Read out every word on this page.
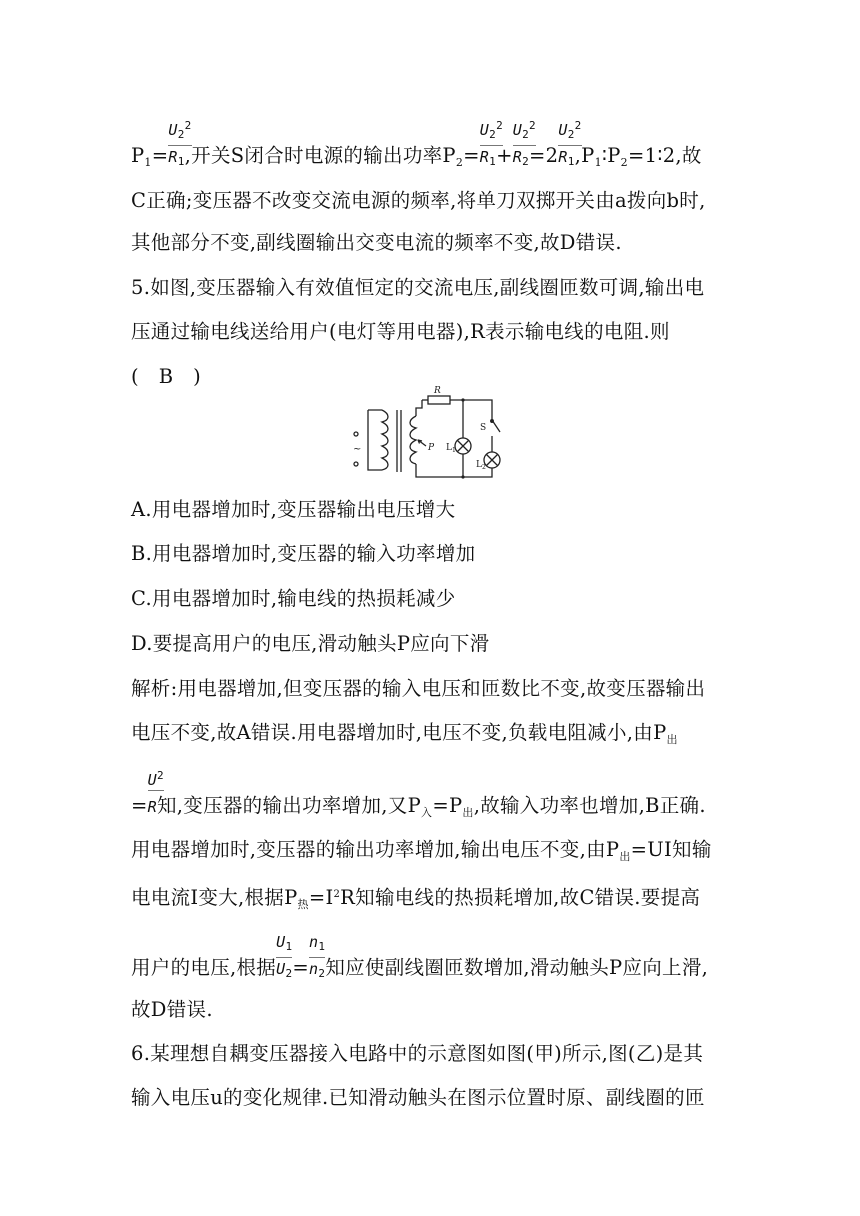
$P_1= \frac{U_2^2}{R_1}$,开关S闭合时电源的输出功率$P_2= \frac{U_2^2}{R_1}+ \frac{U_2^2}{R_2}=2$ $\frac{U_2^2}{R_1},P_1∶P_2=1∶2$,故
C正确;变压器不改变交流电源的频率,将单刀双掷开关由a拨向b时,
其他部分不变,副线圈输出交变电流的频率不变,故D错误.
5.如图,变压器输入有效值恒定的交流电压,副线圈匝数可调,输出电
压通过输电线送给用户(电灯等用电器),R表示输电线的电阻.则
(　B　)
~
R
P
S
$L_1$
$L_2$
A.用电器增加时,变压器输出电压增大
B.用电器增加时,变压器的输入功率增加
C.用电器增加时,输电线的热损耗减少
D.要提高用户的电压,滑动触头P应向下滑
解析:用电器增加,但变压器的输入电压和匝数比不变,故变压器输出
电压不变,故A错误.用电器增加时,电压不变,负载电阻减小,由$P_出$
= $\frac{U^2}{R}$知,变压器的输出功率增加,又$P_入=P_出$,故输入功率也增加,B正确.
用电器增加时,变压器的输出功率增加,输出电压不变,由$P_出=UI$知输
电电流I变大,根据$P_热=I^2R$知输电线的热损耗增加,故C错误.要提高
用户的电压,根据 $\frac{U_1}{U_2}= \frac{n_1}{n_2}$知应使副线圈匝数增加,滑动触头P应向上滑,
故D错误.
6.某理想自耦变压器接入电路中的示意图如图(甲)所示,图(乙)是其
输入电压u的变化规律.已知滑动触头在图示位置时原、副线圈的匝
